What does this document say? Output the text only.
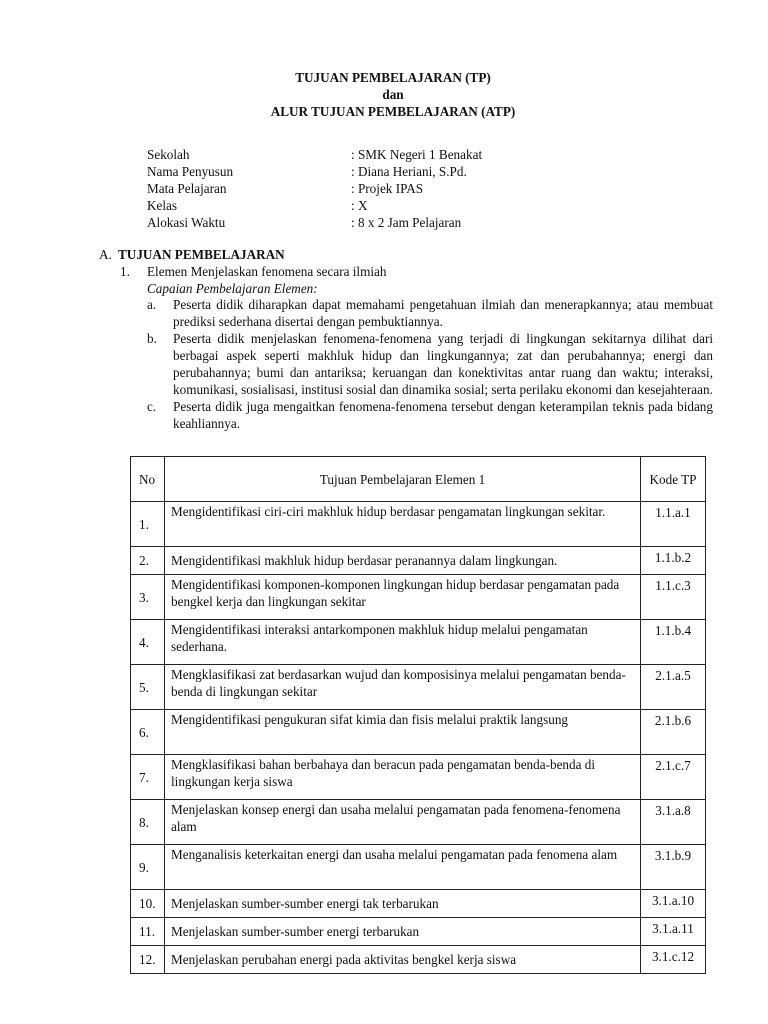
TUJUAN PEMBELAJARAN (TP)
dan
ALUR TUJUAN PEMBELAJARAN (ATP)
Sekolah	: SMK Negeri 1 Benakat
Nama Penyusun	: Diana Heriani, S.Pd.
Mata Pelajaran	: Projek IPAS
Kelas	: X
Alokasi Waktu	: 8 x 2 Jam Pelajaran
A. TUJUAN PEMBELAJARAN
1. Elemen Menjelaskan fenomena secara ilmiah
Capaian Pembelajaran Elemen:
a. Peserta didik diharapkan dapat memahami pengetahuan ilmiah dan menerapkannya; atau membuat prediksi sederhana disertai dengan pembuktiannya.
b. Peserta didik menjelaskan fenomena-fenomena yang terjadi di lingkungan sekitarnya dilihat dari berbagai aspek seperti makhluk hidup dan lingkungannya; zat dan perubahannya; energi dan perubahannya; bumi dan antariksa; keruangan dan konektivitas antar ruang dan waktu; interaksi, komunikasi, sosialisasi, institusi sosial dan dinamika sosial; serta perilaku ekonomi dan kesejahteraan.
c. Peserta didik juga mengaitkan fenomena-fenomena tersebut dengan keterampilan teknis pada bidang keahliannya.
No	Tujuan Pembelajaran Elemen 1	Kode TP
1.	Mengidentifikasi ciri-ciri makhluk hidup berdasar pengamatan lingkungan sekitar.	1.1.a.1
2.	Mengidentifikasi makhluk hidup berdasar peranannya dalam lingkungan.	1.1.b.2
3.	Mengidentifikasi komponen-komponen lingkungan hidup berdasar pengamatan pada bengkel kerja dan lingkungan sekitar	1.1.c.3
4.	Mengidentifikasi interaksi antarkomponen makhluk hidup melalui pengamatan sederhana.	1.1.b.4
5.	Mengklasifikasi zat berdasarkan wujud dan komposisinya melalui pengamatan benda-benda di lingkungan sekitar	2.1.a.5
6.	Mengidentifikasi pengukuran sifat kimia dan fisis melalui praktik langsung	2.1.b.6
7.	Mengklasifikasi bahan berbahaya dan beracun pada pengamatan benda-benda di lingkungan kerja siswa	2.1.c.7
8.	Menjelaskan konsep energi dan usaha melalui pengamatan pada fenomena-fenomena alam	3.1.a.8
9.	Menganalisis keterkaitan energi dan usaha melalui pengamatan pada fenomena alam	3.1.b.9
10.	Menjelaskan sumber-sumber energi tak terbarukan	3.1.a.10
11.	Menjelaskan sumber-sumber energi terbarukan	3.1.a.11
12.	Menjelaskan perubahan energi pada aktivitas bengkel kerja siswa	3.1.c.12
